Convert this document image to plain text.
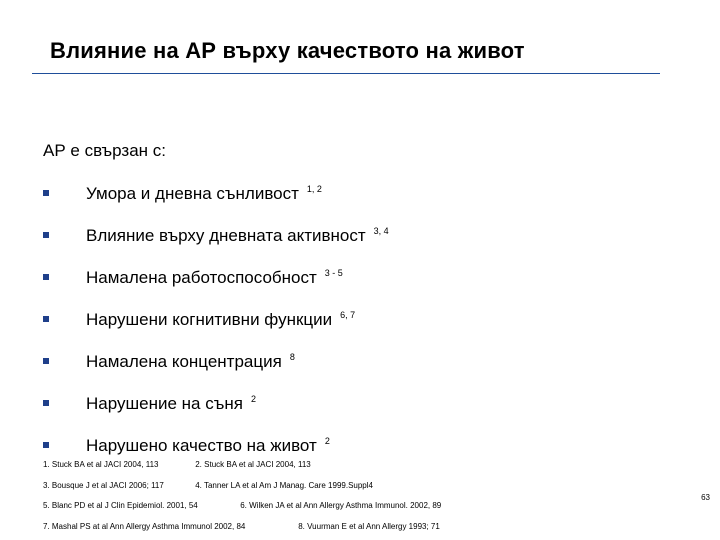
Влияние на АР върху качеството на живот
АР е свързан с:
Умора и дневна сънливост $^{1, 2}$
Влияние върху дневната активност $^{3, 4}$
Намалена работоспособност $^{3 - 5}$
Нарушени когнитивни функции $^{6, 7}$
Намалена концентрация $^8$
Нарушение на съня $^2$
Нарушено качество на живот $^2$
1. Stuck BA et al JACI 2004, 113	2. Stuck BA et al JACI 2004, 113
3. Bousque J et al JACI 2006; 117	4. Tanner LA et al Am J Manag. Care 1999.Suppl4
5. Blanc PD et al J Clin Epidemiol. 2001, 54	6. Wilken JA et al Ann Allergy Asthma Immunol. 2002, 89
7. Mashal PS at al Ann Allergy Asthma Immunol 2002, 84	8. Vuurman E et al Ann Allergy 1993; 71
63
